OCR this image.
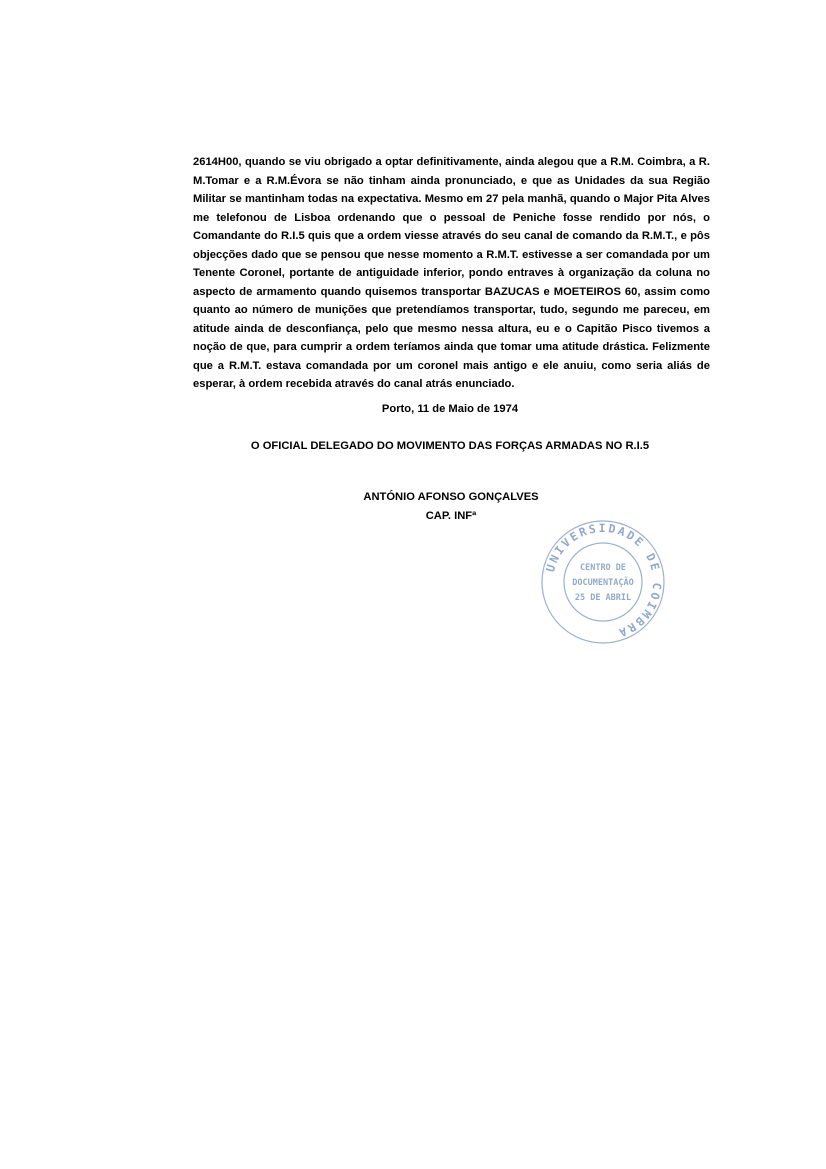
2614H00, quando se viu obrigado a optar definitivamente, ainda alegou que a R.M. Coimbra, a R. M.Tomar e a R.M.Évora se não tinham ainda pronunciado, e que as Unidades da sua Região Militar se mantinham todas na expectativa. Mesmo em 27 pela manhã, quando o Major Pita Alves me telefonou de Lisboa ordenando que o pessoal de Peniche fosse rendido por nós, o Comandante do R.I.5 quis que a ordem viesse através do seu canal de comando da R.M.T., e pôs objecções dado que se pensou que nesse momento a R.M.T. estivesse a ser comandada por um Tenente Coronel, portante de antiguidade inferior, pondo entraves à organização da coluna no aspecto de armamento quando quisemos transportar BAZUCAS e MOETEIROS 60, assim como quanto ao número de munições que pretendíamos transportar, tudo, segundo me pareceu, em atitude ainda de desconfiança, pelo que mesmo nessa altura, eu e o Capitão Pisco tivemos a noção de que, para cumprir a ordem teríamos ainda que tomar uma atitude drástica. Felizmente que a R.M.T. estava comandada por um coronel mais antigo e ele anuiu, como seria aliás de esperar, à ordem recebida através do canal atrás enunciado.

Porto, 11 de Maio de 1974

O OFICIAL DELEGADO DO MOVIMENTO DAS FORÇAS ARMADAS NO R.I.5

ANTÓNIO AFONSO GONÇALVES

CAP. INFª

UNIVERSIDADE DE COIMBRA
CENTRO DE
DOCUMENTAÇÃO
25 DE ABRIL
